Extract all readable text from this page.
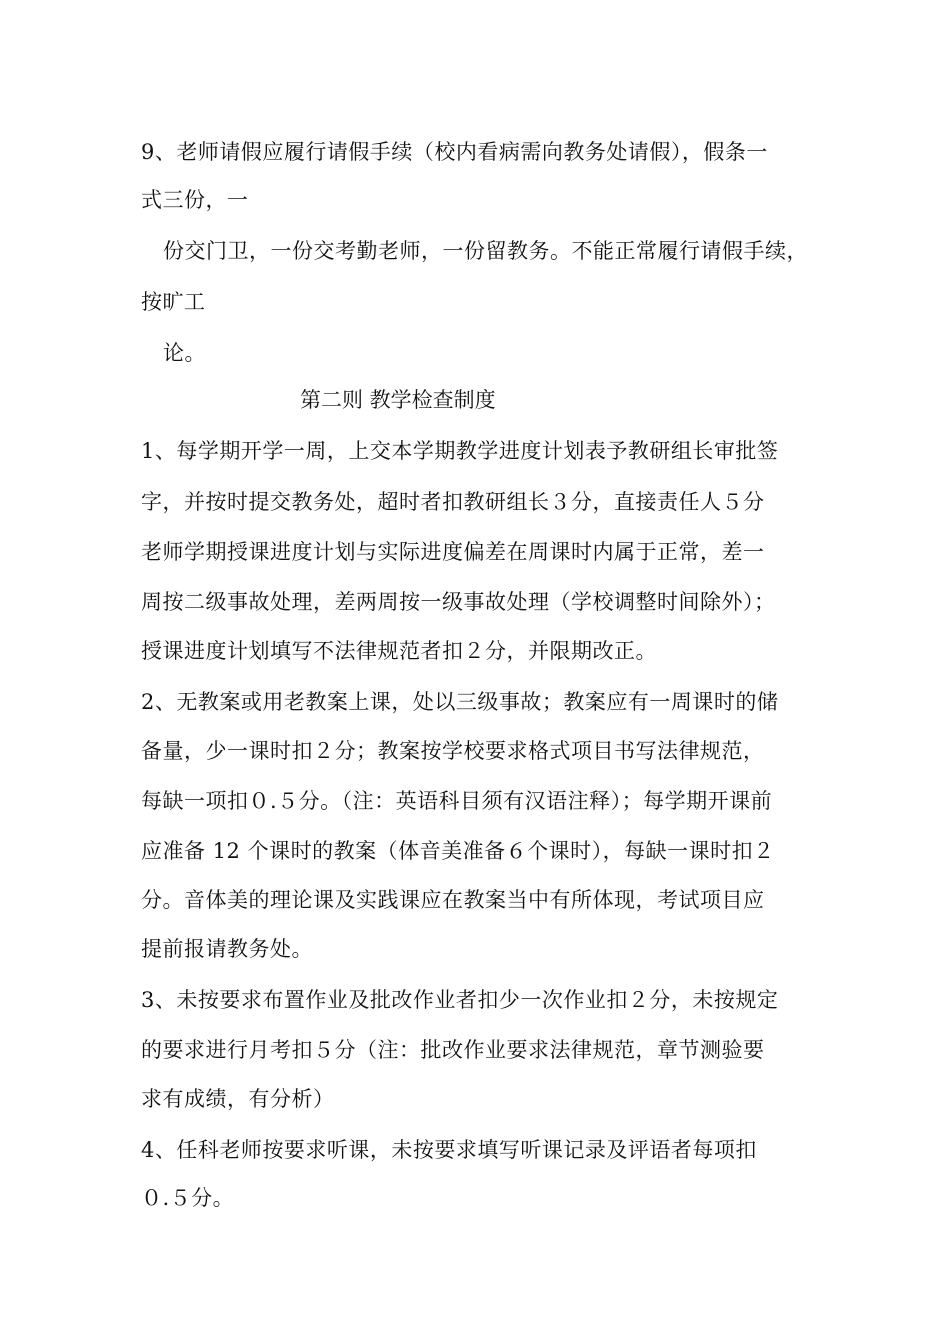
9、老师请假应履行请假手续（校内看病需向教务处请假），假条一
式三份，一
份交门卫，一份交考勤老师，一份留教务。不能正常履行请假手续，
按旷工
论。
第二则 教学检查制度
1、每学期开学一周，上交本学期教学进度计划表予教研组长审批签
字，并按时提交教务处，超时者扣教研组长３分，直接责任人５分
老师学期授课进度计划与实际进度偏差在周课时内属于正常，差一
周按二级事故处理，差两周按一级事故处理（学校调整时间除外）；
授课进度计划填写不法律规范者扣２分，并限期改正。
2、无教案或用老教案上课，处以三级事故；教案应有一周课时的储
备量，少一课时扣２分；教案按学校要求格式项目书写法律规范，
每缺一项扣０.５分。（注：英语科目须有汉语注释）；每学期开课前
应准备 12 个课时的教案（体音美准备６个课时），每缺一课时扣２
分。音体美的理论课及实践课应在教案当中有所体现，考试项目应
提前报请教务处。
3、未按要求布置作业及批改作业者扣少一次作业扣２分，未按规定
的要求进行月考扣５分（注：批改作业要求法律规范，章节测验要
求有成绩，有分析）
4、任科老师按要求听课，未按要求填写听课记录及评语者每项扣
０.５分。
